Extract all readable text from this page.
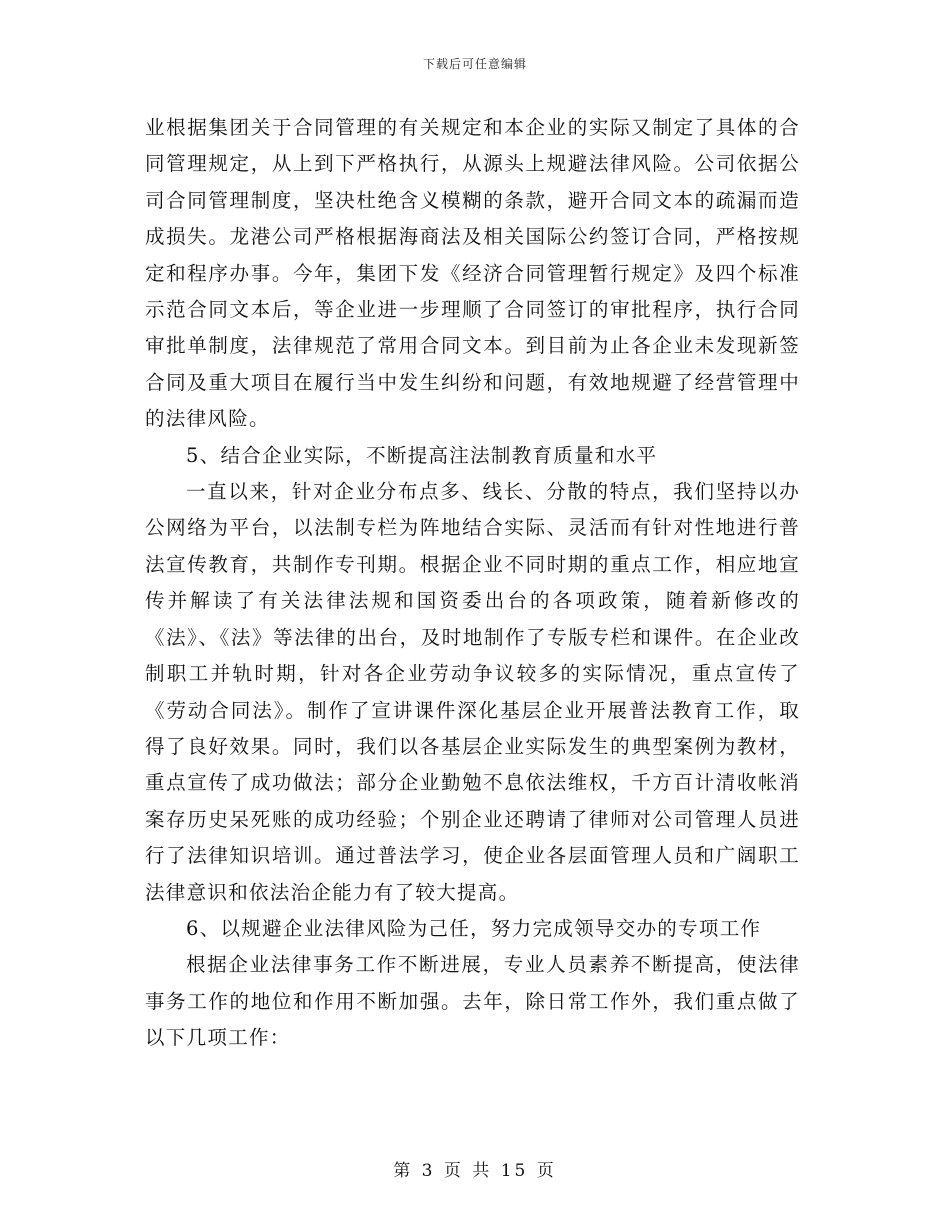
下载后可任意编辑

业根据集团关于合同管理的有关规定和本企业的实际又制定了具体的合同管理规定，从上到下严格执行，从源头上规避法律风险。公司依据公司合同管理制度，坚决杜绝含义模糊的条款，避开合同文本的疏漏而造成损失。龙港公司严格根据海商法及相关国际公约签订合同，严格按规定和程序办事。今年，集团下发《经济合同管理暂行规定》及四个标准示范合同文本后，等企业进一步理顺了合同签订的审批程序，执行合同审批单制度，法律规范了常用合同文本。到目前为止各企业未发现新签合同及重大项目在履行当中发生纠纷和问题，有效地规避了经营管理中的法律风险。

5、结合企业实际，不断提高注法制教育质量和水平

一直以来，针对企业分布点多、线长、分散的特点，我们坚持以办公网络为平台，以法制专栏为阵地结合实际、灵活而有针对性地进行普法宣传教育，共制作专刊期。根据企业不同时期的重点工作，相应地宣传并解读了有关法律法规和国资委出台的各项政策，随着新修改的《法》、《法》等法律的出台，及时地制作了专版专栏和课件。在企业改制职工并轨时期，针对各企业劳动争议较多的实际情况，重点宣传了《劳动合同法》。制作了宣讲课件深化基层企业开展普法教育工作，取得了良好效果。同时，我们以各基层企业实际发生的典型案例为教材，重点宣传了成功做法；部分企业勤勉不息依法维权，千方百计清收帐消案存历史呆死账的成功经验；个别企业还聘请了律师对公司管理人员进行了法律知识培训。通过普法学习，使企业各层面管理人员和广阔职工法律意识和依法治企能力有了较大提高。

6、以规避企业法律风险为己任，努力完成领导交办的专项工作

根据企业法律事务工作不断进展，专业人员素养不断提高，使法律事务工作的地位和作用不断加强。去年，除日常工作外，我们重点做了以下几项工作：

第 3 页 共 15 页
